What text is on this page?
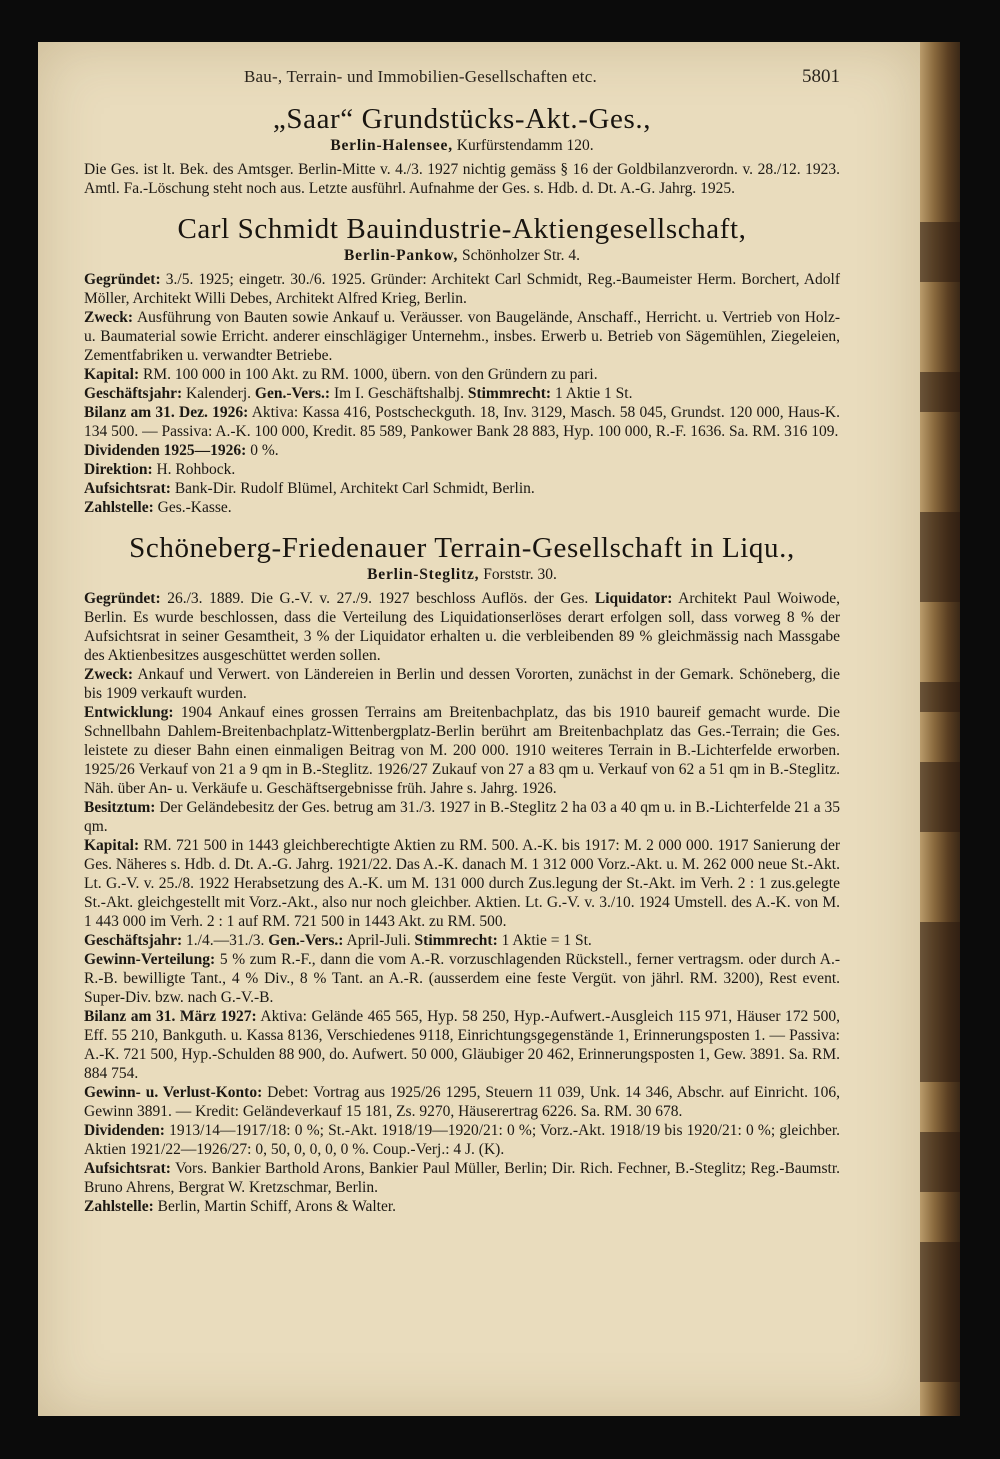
Bau-, Terrain- und Immobilien-Gesellschaften etc.	5801
„Saar“ Grundstücks-Akt.-Ges.,
Berlin-Halensee, Kurfürstendamm 120.

Die Ges. ist lt. Bek. des Amtsger. Berlin-Mitte v. 4./3. 1927 nichtig gemäss § 16 der Goldbilanzverordn. v. 28./12. 1923. Amtl. Fa.-Löschung steht noch aus. Letzte ausführl. Aufnahme der Ges. s. Hdb. d. Dt. A.-G. Jahrg. 1925.

Carl Schmidt Bauindustrie-Aktiengesellschaft,
Berlin-Pankow, Schönholzer Str. 4.

Gegründet: 3./5. 1925; eingetr. 30./6. 1925. Gründer: Architekt Carl Schmidt, Reg.-Baumeister Herm. Borchert, Adolf Möller, Architekt Willi Debes, Architekt Alfred Krieg, Berlin.

Zweck: Ausführung von Bauten sowie Ankauf u. Veräusser. von Baugelände, Anschaff., Herricht. u. Vertrieb von Holz- u. Baumaterial sowie Erricht. anderer einschlägiger Unternehm., insbes. Erwerb u. Betrieb von Sägemühlen, Ziegeleien, Zementfabriken u. verwandter Betriebe.

Kapital: RM. 100 000 in 100 Akt. zu RM. 1000, übern. von den Gründern zu pari.

Geschäftsjahr: Kalenderj. Gen.-Vers.: Im I. Geschäftshalbj. Stimmrecht: 1 Aktie 1 St.

Bilanz am 31. Dez. 1926: Aktiva: Kassa 416, Postscheckguth. 18, Inv. 3129, Masch. 58 045, Grundst. 120 000, Haus-K. 134 500. — Passiva: A.-K. 100 000, Kredit. 85 589, Pankower Bank 28 883, Hyp. 100 000, R.-F. 1636. Sa. RM. 316 109.

Dividenden 1925—1926: 0 %.

Direktion: H. Rohbock.

Aufsichtsrat: Bank-Dir. Rudolf Blümel, Architekt Carl Schmidt, Berlin.

Zahlstelle: Ges.-Kasse.

Schöneberg-Friedenauer Terrain-Gesellschaft in Liqu.,
Berlin-Steglitz, Forststr. 30.

Gegründet: 26./3. 1889. Die G.-V. v. 27./9. 1927 beschloss Auflös. der Ges. Liquidator: Architekt Paul Woiwode, Berlin. Es wurde beschlossen, dass die Verteilung des Liquidationserlöses derart erfolgen soll, dass vorweg 8 % der Aufsichtsrat in seiner Gesamtheit, 3 % der Liquidator erhalten u. die verbleibenden 89 % gleichmässig nach Massgabe des Aktienbesitzes ausgeschüttet werden sollen.

Zweck: Ankauf und Verwert. von Ländereien in Berlin und dessen Vororten, zunächst in der Gemark. Schöneberg, die bis 1909 verkauft wurden.

Entwicklung: 1904 Ankauf eines grossen Terrains am Breitenbachplatz, das bis 1910 baureif gemacht wurde. Die Schnellbahn Dahlem-Breitenbachplatz-Wittenbergplatz-Berlin berührt am Breitenbachplatz das Ges.-Terrain; die Ges. leistete zu dieser Bahn einen einmaligen Beitrag von M. 200 000. 1910 weiteres Terrain in B.-Lichterfelde erworben. 1925/26 Verkauf von 21 a 9 qm in B.-Steglitz. 1926/27 Zukauf von 27 a 83 qm u. Verkauf von 62 a 51 qm in B.-Steglitz. Näh. über An- u. Verkäufe u. Geschäftsergebnisse früh. Jahre s. Jahrg. 1926.

Besitztum: Der Geländebesitz der Ges. betrug am 31./3. 1927 in B.-Steglitz 2 ha 03 a 40 qm u. in B.-Lichterfelde 21 a 35 qm.

Kapital: RM. 721 500 in 1443 gleichberechtigte Aktien zu RM. 500. A.-K. bis 1917: M. 2 000 000. 1917 Sanierung der Ges. Näheres s. Hdb. d. Dt. A.-G. Jahrg. 1921/22. Das A.-K. danach M. 1 312 000 Vorz.-Akt. u. M. 262 000 neue St.-Akt. Lt. G.-V. v. 25./8. 1922 Herabsetzung des A.-K. um M. 131 000 durch Zus.legung der St.-Akt. im Verh. 2 : 1 zus.gelegte St.-Akt. gleichgestellt mit Vorz.-Akt., also nur noch gleichber. Aktien. Lt. G.-V. v. 3./10. 1924 Umstell. des A.-K. von M. 1 443 000 im Verh. 2 : 1 auf RM. 721 500 in 1443 Akt. zu RM. 500.

Geschäftsjahr: 1./4.—31./3. Gen.-Vers.: April-Juli. Stimmrecht: 1 Aktie = 1 St.

Gewinn-Verteilung: 5 % zum R.-F., dann die vom A.-R. vorzuschlagenden Rückstell., ferner vertragsm. oder durch A.-R.-B. bewilligte Tant., 4 % Div., 8 % Tant. an A.-R. (ausserdem eine feste Vergüt. von jährl. RM. 3200), Rest event. Super-Div. bzw. nach G.-V.-B.

Bilanz am 31. März 1927: Aktiva: Gelände 465 565, Hyp. 58 250, Hyp.-Aufwert.-Ausgleich 115 971, Häuser 172 500, Eff. 55 210, Bankguth. u. Kassa 8136, Verschiedenes 9118, Einrichtungsgegenstände 1, Erinnerungsposten 1. — Passiva: A.-K. 721 500, Hyp.-Schulden 88 900, do. Aufwert. 50 000, Gläubiger 20 462, Erinnerungsposten 1, Gew. 3891. Sa. RM. 884 754.

Gewinn- u. Verlust-Konto: Debet: Vortrag aus 1925/26 1295, Steuern 11 039, Unk. 14 346, Abschr. auf Einricht. 106, Gewinn 3891. — Kredit: Geländeverkauf 15 181, Zs. 9270, Häuserertrag 6226. Sa. RM. 30 678.

Dividenden: 1913/14—1917/18: 0 %; St.-Akt. 1918/19—1920/21: 0 %; Vorz.-Akt. 1918/19 bis 1920/21: 0 %; gleichber. Aktien 1921/22—1926/27: 0, 50, 0, 0, 0, 0 %. Coup.-Verj.: 4 J. (K).

Aufsichtsrat: Vors. Bankier Barthold Arons, Bankier Paul Müller, Berlin; Dir. Rich. Fechner, B.-Steglitz; Reg.-Baumstr. Bruno Ahrens, Bergrat W. Kretzschmar, Berlin.

Zahlstelle: Berlin, Martin Schiff, Arons & Walter.
